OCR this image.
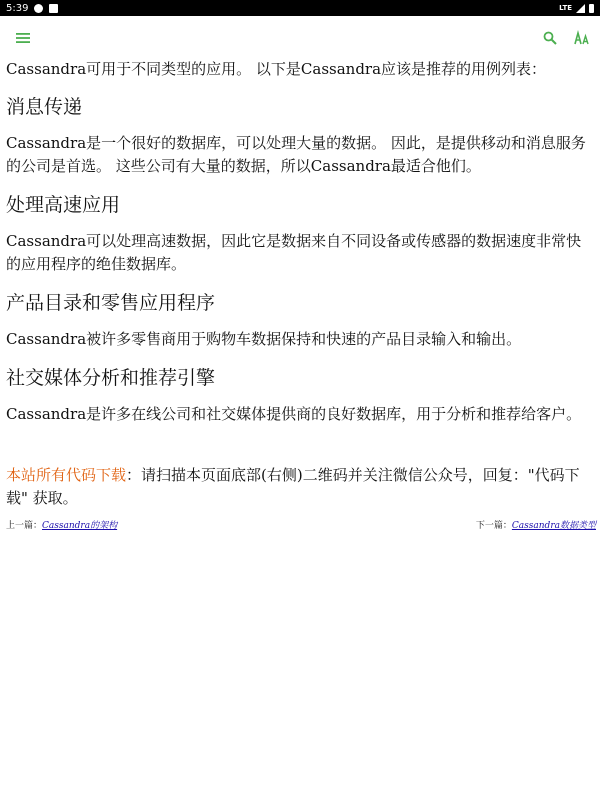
5:39	LTE

Cassandra可用于不同类型的应用。 以下是Cassandra应该是推荐的用例列表：

消息传递

Cassandra是一个很好的数据库，可以处理大量的数据。 因此，是提供移动和消息服务的公司是首选。 这些公司有大量的数据，所以Cassandra最适合他们。

处理高速应用

Cassandra可以处理高速数据，因此它是数据来自不同设备或传感器的数据速度非常快的应用程序的绝佳数据库。

产品目录和零售应用程序

Cassandra被许多零售商用于购物车数据保持和快速的产品目录输入和输出。

社交媒体分析和推荐引擎

Cassandra是许多在线公司和社交媒体提供商的良好数据库，用于分析和推荐给客户。

本站所有代码下载：请扫描本页面底部(右侧)二维码并关注微信公众号，回复："代码下载" 获取。

上一篇：Cassandra的架构	下一篇：Cassandra数据类型
